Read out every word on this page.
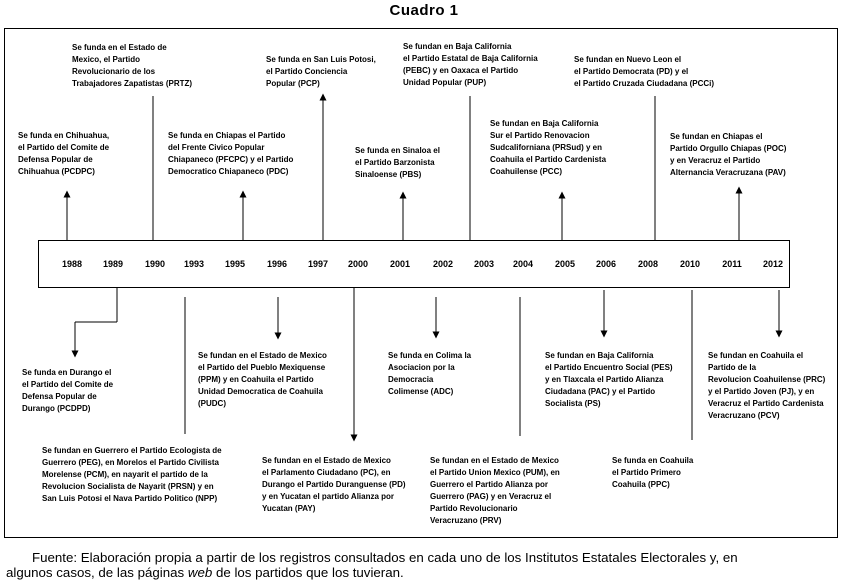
Cuadro 1
1988 1989 1990 1993 1995 1996 1997 2000 2001	2002 2003 2004 2005 2006 2008 2010 2011 2012
Se funda en Chihuahua,
el Partido del Comite de
Defensa Popular de
Chihuahua (PCDPC)
Se funda en el Estado de
Mexico, el Partido
Revolucionario de los
Trabajadores Zapatistas (PRTZ)
Se funda en Chiapas el Partido
del Frente Civico Popular
Chiapaneco (PFCPC) y el Partido
Democratico Chiapaneco (PDC)
Se funda en San Luis Potosi,
el Partido Conciencia
Popular (PCP)
Se funda en Sinaloa el
el Partido Barzonista
Sinaloense (PBS)
Se fundan en Baja California
el Partido Estatal de Baja California
(PEBC) y en Oaxaca el Partido
Unidad Popular (PUP)
Se fundan en Baja California
Sur el Partido Renovacion
Sudcaliforniana (PRSud) y en
Coahuila el Partido Cardenista
Coahuilense (PCC)
Se fundan en Nuevo Leon el
el Partido Democrata (PD) y el
el Partido Cruzada Ciudadana (PCCi)
Se fundan en Chiapas el
Partido Orgullo Chiapas (POC)
y en Veracruz el Partido
Alternancia Veracruzana (PAV)
Se funda en Durango el
el Partido del Comite de
Defensa Popular de
Durango (PCDPD)
Se fundan en Guerrero el Partido Ecologista de
Guerrero (PEG), en Morelos el Partido Civilista
Morelense (PCM), en nayarit el partido de la
Revolucion Socialista de Nayarit (PRSN) y en
San Luis Potosi el Nava Partido Politico (NPP)
Se fundan en el Estado de Mexico
el Partido del Pueblo Mexiquense
(PPM) y en Coahuila el Partido
Unidad Democratica de Coahuila
(PUDC)
Se fundan en el Estado de Mexico
el Parlamento Ciudadano (PC), en
Durango el Partido Duranguense (PD)
y en Yucatan el partido Alianza por
Yucatan (PAY)
Se funda en Colima la
Asociacion por la
Democracia
Colimense (ADC)
Se fundan en el Estado de Mexico
el Partido Union Mexico (PUM), en
Guerrero el Partido Alianza por
Guerrero (PAG) y en Veracruz el
Partido Revolucionario
Veracruzano (PRV)
Se fundan en Baja California
el Partido Encuentro Social (PES)
y en Tlaxcala el Partido Alianza
Ciudadana (PAC) y el Partido
Socialista (PS)
Se funda en Coahuila
el Partido Primero
Coahuila (PPC)
Se fundan en Coahuila el
Partido de la
Revolucion Coahuilense (PRC)
y el Partido Joven (PJ), y en
Veracruz el Partido Cardenista
Veracruzano (PCV)
Fuente: Elaboración propia a partir de los registros consultados en cada uno de los Institutos Estatales Electorales y, en
algunos casos, de las páginas web de los partidos que los tuvieran.
